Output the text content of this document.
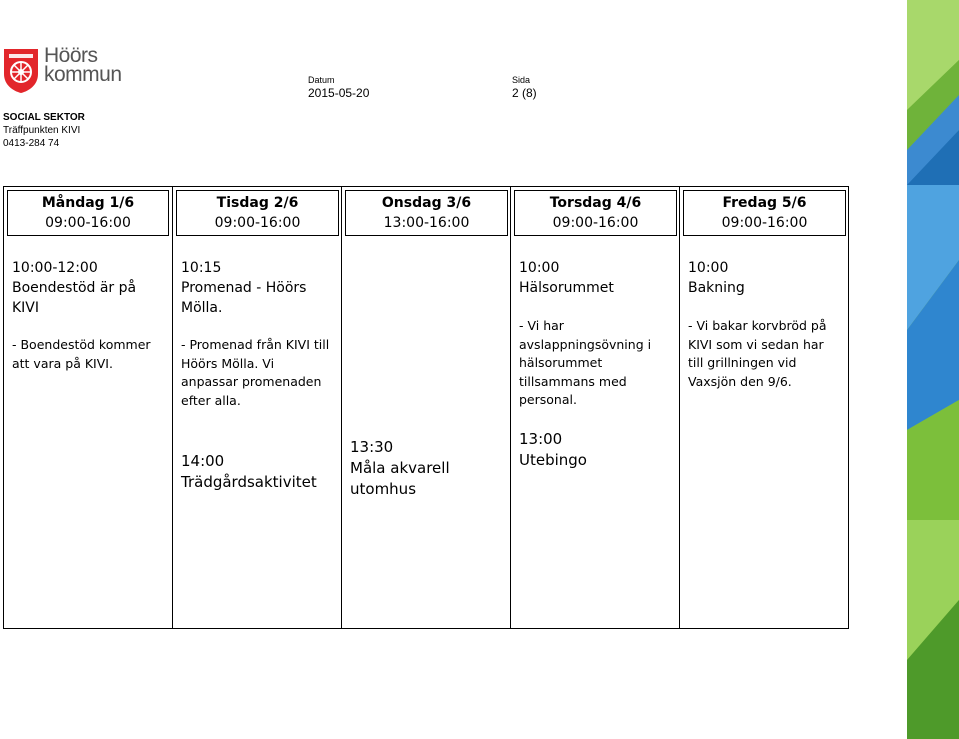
Höörs
kommun	Datum
2015-05-20
Sida
2 (8)
SOCIAL SEKTOR
Träffpunkten KIVI
0413-284 74
Måndag 1/6
09:00-16:00
10:00-12:00
Boendestöd är på
KIVI
- Boendestöd kommer
att vara på KIVI.
Tisdag 2/6
09:00-16:00
10:15
Promenad - Höörs
Mölla.
- Promenad från KIVI till
Höörs Mölla. Vi
anpassar promenaden
efter alla.
14:00
Trädgårdsaktivitet
Onsdag 3/6
13:00-16:00
13:30
Måla akvarell
utomhus
Torsdag 4/6
09:00-16:00
10:00
Hälsorummet
- Vi har
avslappningsövning i
hälsorummet
tillsammans med
personal.
13:00
Utebingo
Fredag 5/6
09:00-16:00
10:00
Bakning
- Vi bakar korvbröd på
KIVI som vi sedan har
till grillningen vid
Vaxsjön den 9/6.
